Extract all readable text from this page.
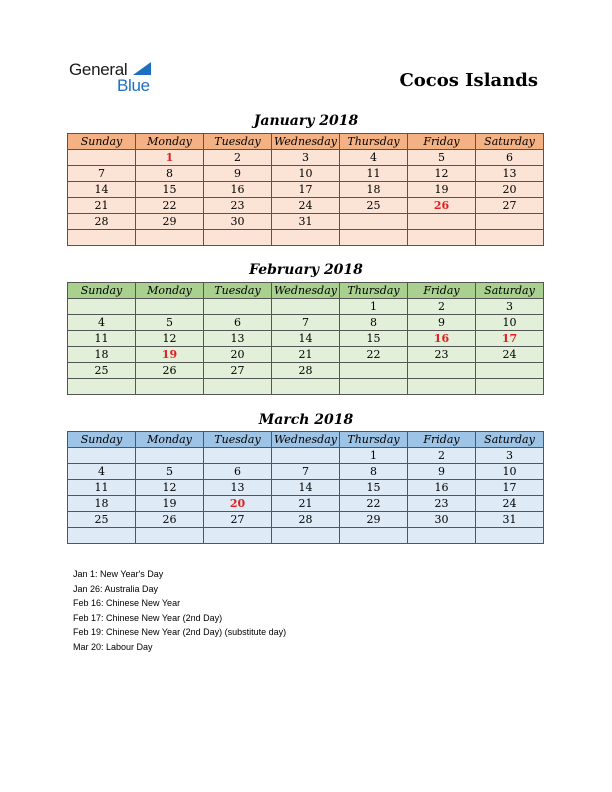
General
Blue	Cocos Islands
January 2018
Sunday	Monday	Tuesday	Wednesday	Thursday	Friday	Saturday
	1	2	3	4	5	6
7	8	9	10	11	12	13
14	15	16	17	18	19	20
21	22	23	24	25	26	27
28	29	30	31			

February 2018
Sunday	Monday	Tuesday	Wednesday	Thursday	Friday	Saturday
				1	2	3
4	5	6	7	8	9	10
11	12	13	14	15	16	17
18	19	20	21	22	23	24
25	26	27	28			

March 2018
Sunday	Monday	Tuesday	Wednesday	Thursday	Friday	Saturday
				1	2	3
4	5	6	7	8	9	10
11	12	13	14	15	16	17
18	19	20	21	22	23	24
25	26	27	28	29	30	31

Jan 1: New Year's Day
Jan 26: Australia Day
Feb 16: Chinese New Year
Feb 17: Chinese New Year (2nd Day)
Feb 19: Chinese New Year (2nd Day) (substitute day)
Mar 20: Labour Day
